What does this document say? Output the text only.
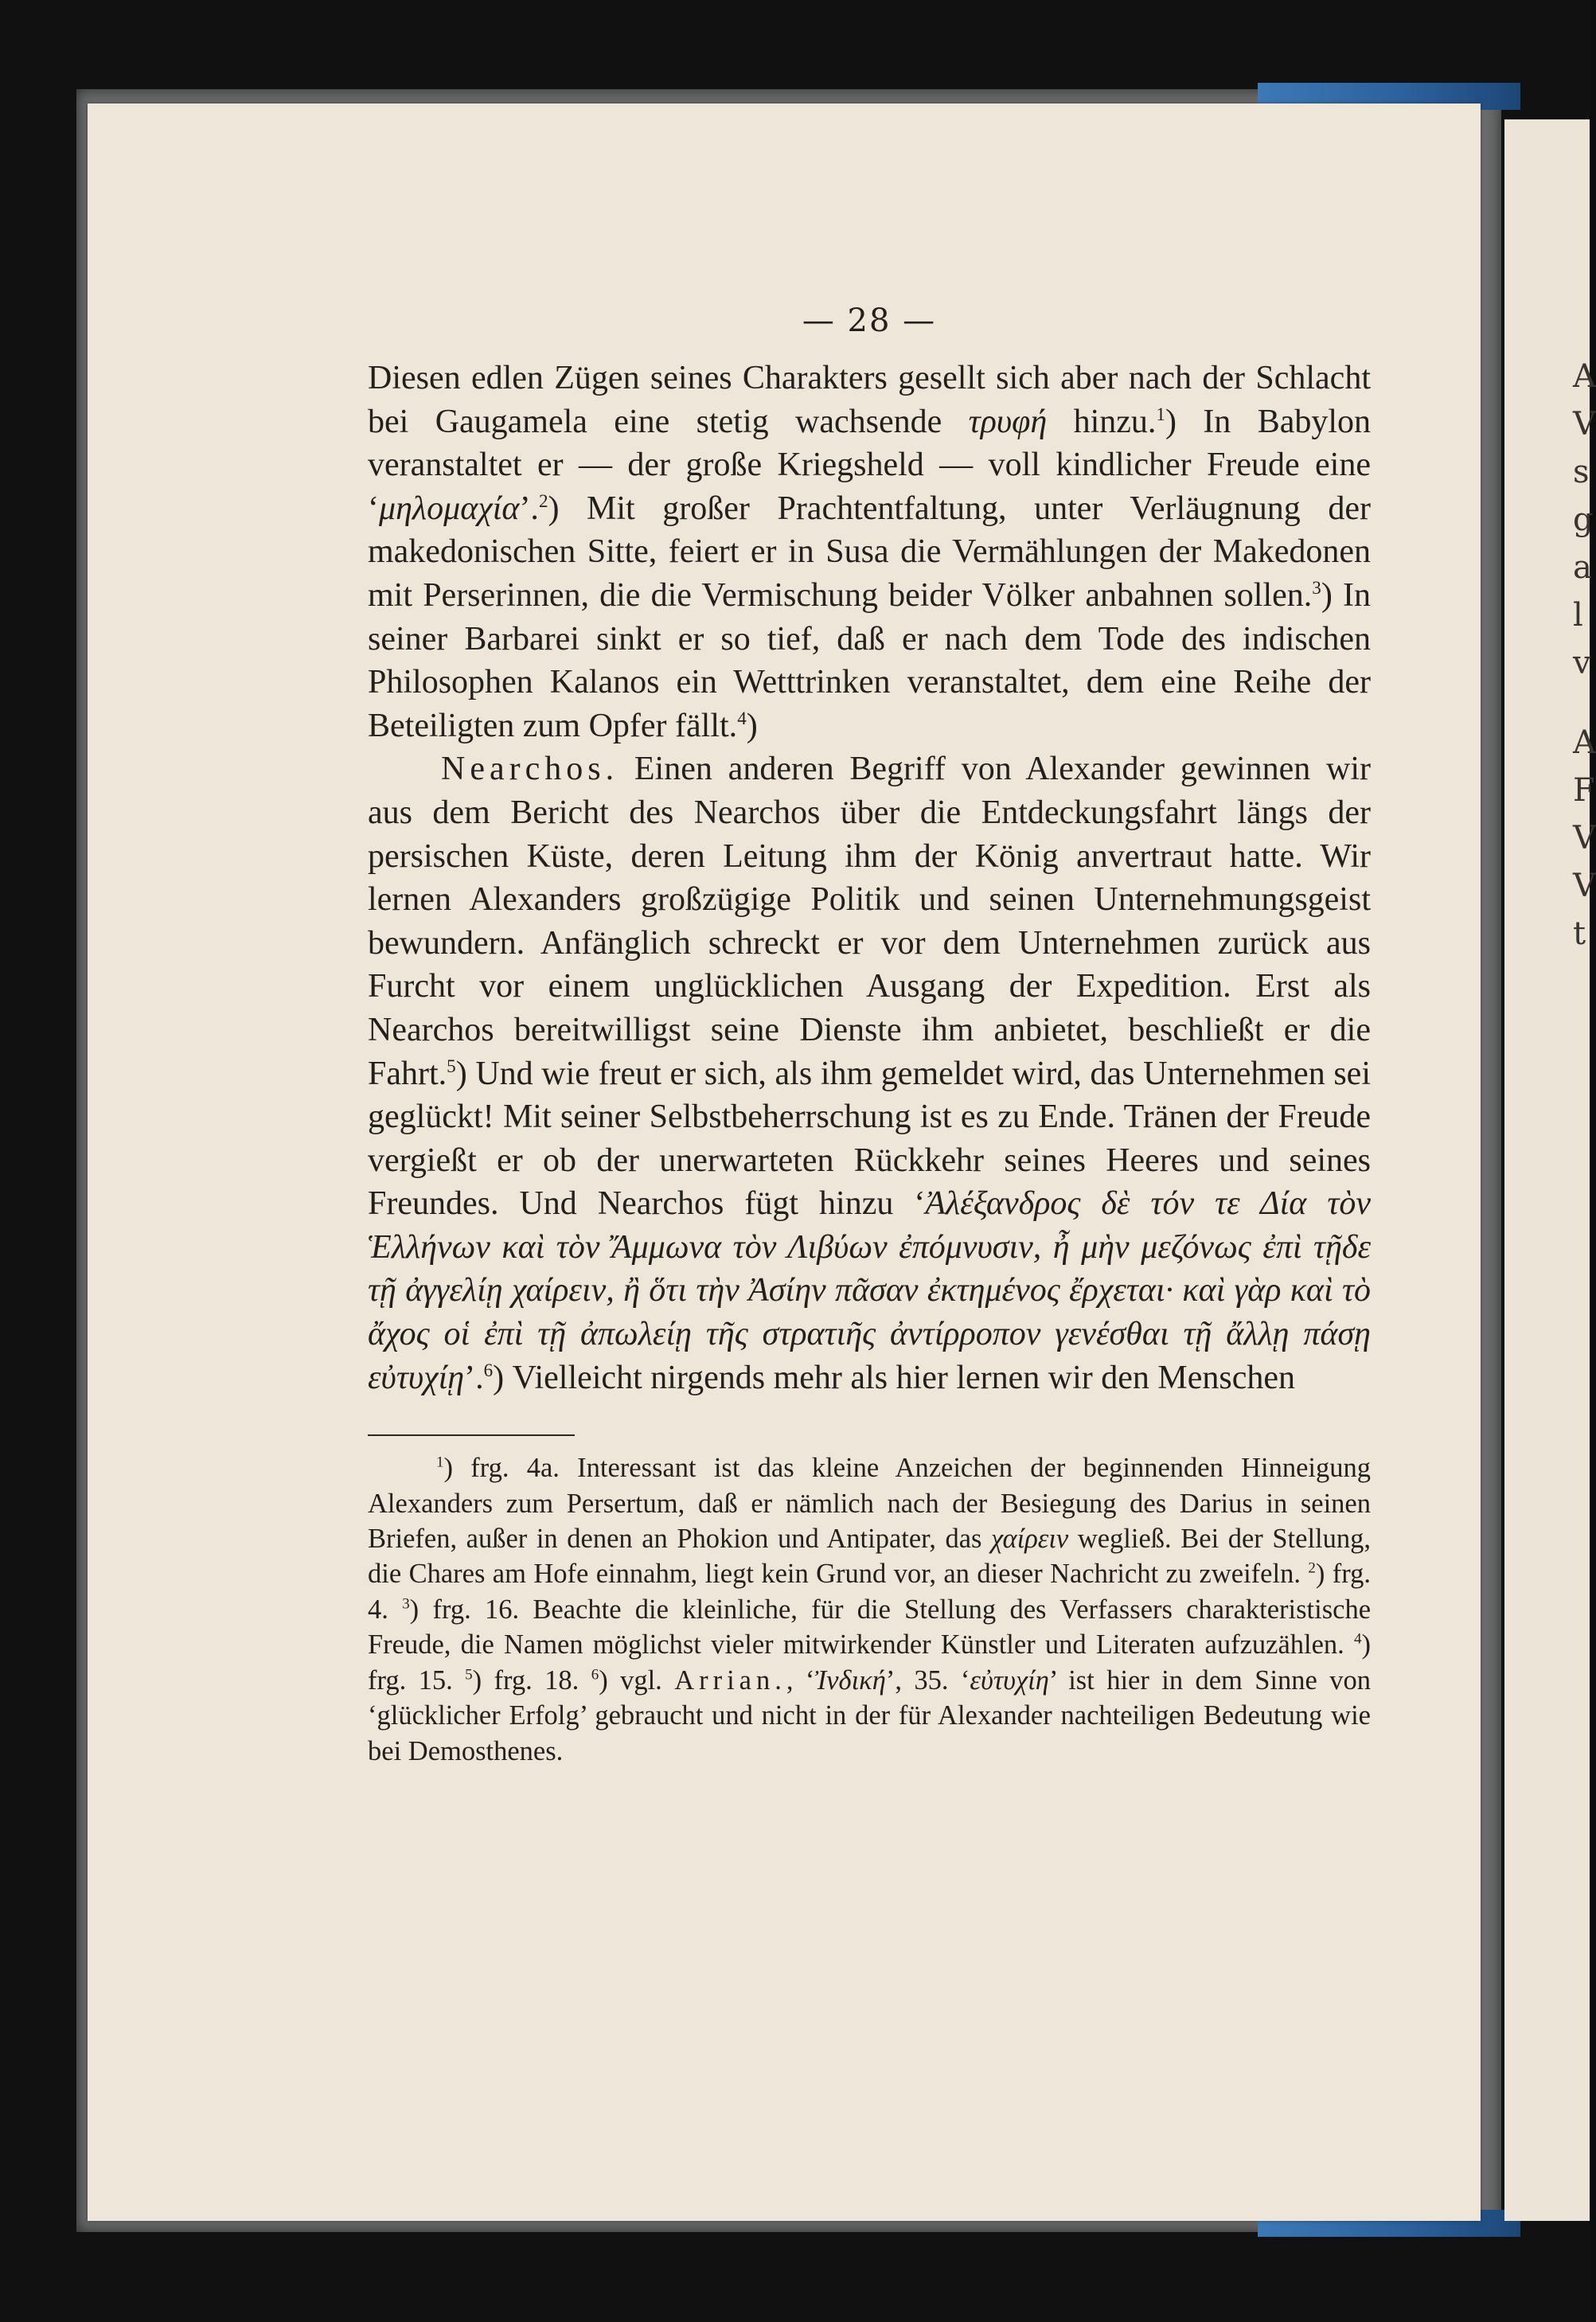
A
V
s
g
a
l
v
A
F
V
V
t
— 28 —

Diesen edlen Zügen seines Charakters gesellt sich aber nach der Schlacht bei Gaugamela eine stetig wachsende τρυφή hinzu.$^1$) In Babylon veranstaltet er — der große Kriegsheld — voll kindlicher Freude eine ‘μηλομαχία’.$^2$) Mit großer Prachtentfaltung, unter Verläugnung der makedonischen Sitte, feiert er in Susa die Vermählungen der Makedonen mit Perserinnen, die die Vermischung beider Völker anbahnen sollen.$^3$) In seiner Barbarei sinkt er so tief, daß er nach dem Tode des indischen Philosophen Kalanos ein Wetttrinken veranstaltet, dem eine Reihe der Beteiligten zum Opfer fällt.$^4$)

Nearchos. Einen anderen Begriff von Alexander gewinnen wir aus dem Bericht des Nearchos über die Entdeckungsfahrt längs der persischen Küste, deren Leitung ihm der König anvertraut hatte. Wir lernen Alexanders großzügige Politik und seinen Unternehmungsgeist bewundern. Anfänglich schreckt er vor dem Unternehmen zurück aus Furcht vor einem unglücklichen Ausgang der Expedition. Erst als Nearchos bereitwilligst seine Dienste ihm anbietet, beschließt er die Fahrt.$^5$) Und wie freut er sich, als ihm gemeldet wird, das Unternehmen sei geglückt! Mit seiner Selbstbeherrschung ist es zu Ende. Tränen der Freude vergießt er ob der unerwarteten Rückkehr seines Heeres und seines Freundes. Und Nearchos fügt hinzu ‘Ἀλέξανδρος δὲ τόν τε Δία τὸν Ἑλλήνων καὶ τὸν Ἄμμωνα τὸν Λιβύων ἐπόμνυσιν, ἦ μὴν μεζόνως ἐπὶ τῇδε τῇ ἀγγελίῃ χαίρειν, ἢ ὅτι τὴν Ἀσίην πᾶσαν ἐκτημένος ἔρχεται· καὶ γὰρ καὶ τὸ ἄχος οἱ ἐπὶ τῇ ἀπωλείῃ τῆς στρατιῆς ἀντίρροπον γενέσθαι τῇ ἄλλῃ πάσῃ εὐτυχίῃ’.$^6$) Vielleicht nirgends mehr als hier lernen wir den Menschen

$^1$) frg. 4a. Interessant ist das kleine Anzeichen der beginnenden Hinneigung Alexanders zum Persertum, daß er nämlich nach der Besiegung des Darius in seinen Briefen, außer in denen an Phokion und Antipater, das χαίρειν wegließ. Bei der Stellung, die Chares am Hofe einnahm, liegt kein Grund vor, an dieser Nachricht zu zweifeln. $^2$) frg. 4. $^3$) frg. 16. Beachte die kleinliche, für die Stellung des Verfassers charakteristische Freude, die Namen möglichst vieler mitwirkender Künstler und Literaten aufzuzählen. $^4$) frg. 15. $^5$) frg. 18. $^6$) vgl. Arrian., ‘Ἰνδική’, 35. ‘εὐτυχίη’ ist hier in dem Sinne von ‘glücklicher Erfolg’ gebraucht und nicht in der für Alexander nachteiligen Bedeutung wie bei Demosthenes.
